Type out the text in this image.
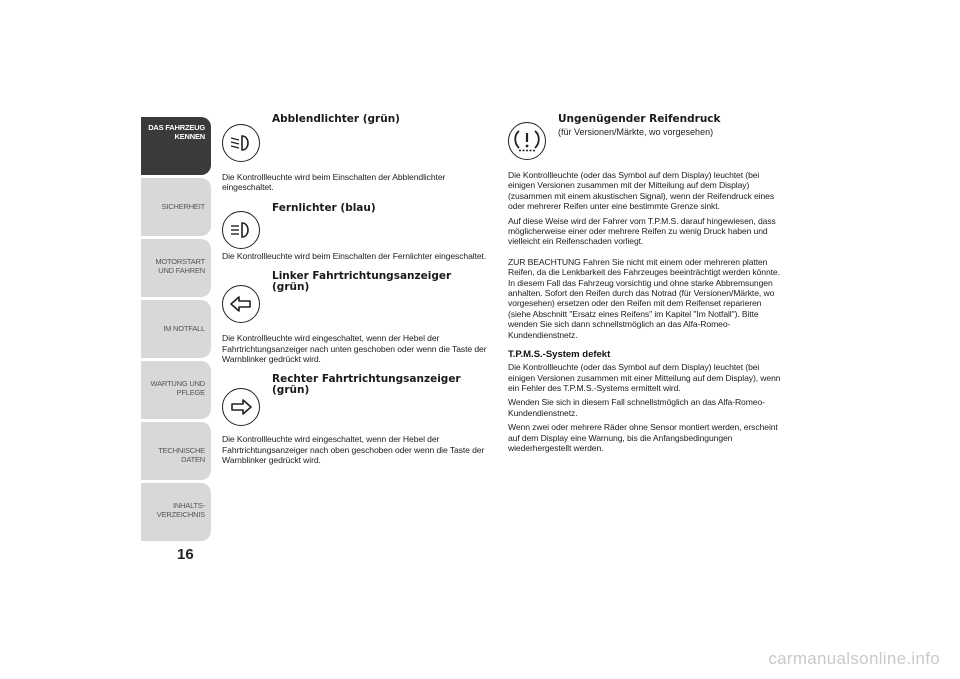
DAS FAHRZEUG KENNEN
SICHERHEIT
MOTORSTART UND FAHREN
IM NOTFALL
WARTUNG UND PFLEGE
TECHNISCHE DATEN
INHALTS-VERZEICHNIS
16
Abblendlichter (grün)
Die Kontrollleuchte wird beim Einschalten der Abblendlichter eingeschaltet.
Fernlichter (blau)
Die Kontrollleuchte wird beim Einschalten der Fernlichter eingeschaltet.
Linker Fahrtrichtungsanzeiger (grün)
Die Kontrollleuchte wird eingeschaltet, wenn der Hebel der Fahrtrichtungsanzeiger nach unten geschoben oder wenn die Taste der Warnblinker gedrückt wird.
Rechter Fahrtrichtungsanzeiger (grün)
Die Kontrollleuchte wird eingeschaltet, wenn der Hebel der Fahrtrichtungsanzeiger nach oben geschoben oder wenn die Taste der Warnblinker gedrückt wird.
Ungenügender Reifendruck
(für Versionen/Märkte, wo vorgesehen)
Die Kontrollleuchte (oder das Symbol auf dem Display) leuchtet (bei einigen Versionen zusammen mit der Mitteilung auf dem Display) (zusammen mit einem akustischen Signal), wenn der Reifendruck eines oder mehrerer Reifen unter eine bestimmte Grenze sinkt.
Auf diese Weise wird der Fahrer vom T.P.M.S. darauf hingewiesen, dass möglicherweise einer oder mehrere Reifen zu wenig Druck haben und vielleicht ein Reifenschaden vorliegt.
ZUR BEACHTUNG Fahren Sie nicht mit einem oder mehreren platten Reifen, da die Lenkbarkeit des Fahrzeuges beeinträchtigt werden könnte. In diesem Fall das Fahrzeug vorsichtig und ohne starke Abbremsungen anhalten. Sofort den Reifen durch das Notrad (für Versionen/Märkte, wo vorgesehen) ersetzen oder den Reifen mit dem Reifenset reparieren (siehe Abschnitt "Ersatz eines Reifens" im Kapitel "Im Notfall"). Bitte wenden Sie sich dann schnellstmöglich an das Alfa-Romeo-Kundendienstnetz.
T.P.M.S.-System defekt
Die Kontrollleuchte (oder das Symbol auf dem Display) leuchtet (bei einigen Versionen zusammen mit einer Mitteilung auf dem Display), wenn ein Fehler des T.P.M.S.-Systems ermittelt wird.
Wenden Sie sich in diesem Fall schnellstmöglich an das Alfa-Romeo-Kundendienstnetz.
Wenn zwei oder mehrere Räder ohne Sensor montiert werden, erscheint auf dem Display eine Warnung, bis die Anfangsbedingungen wiederhergestellt werden.
carmanualsonline.info
